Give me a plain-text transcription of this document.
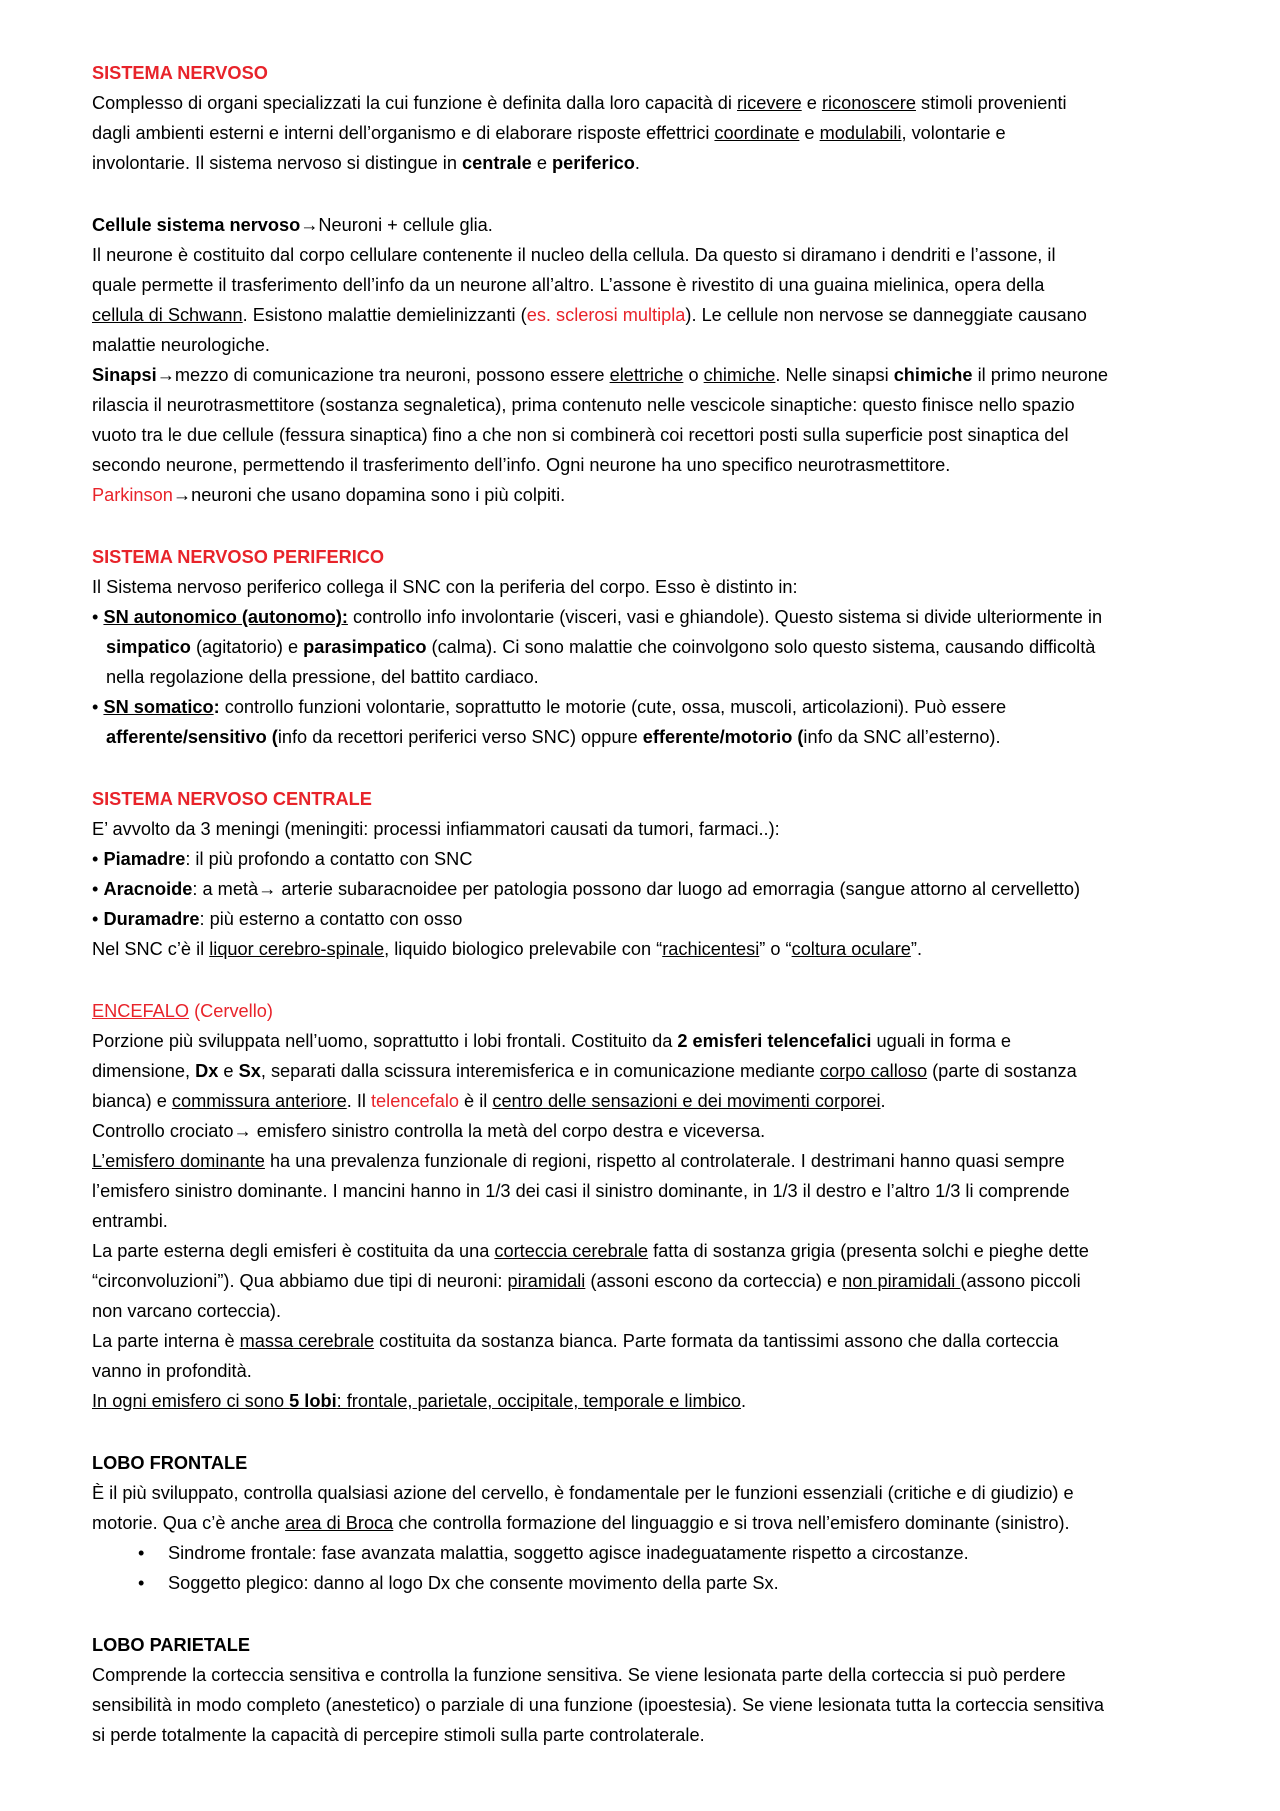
SISTEMA NERVOSO
Complesso di organi specializzati la cui funzione è definita dalla loro capacità di ricevere e riconoscere stimoli provenienti
dagli ambienti esterni e interni dell’organismo e di elaborare risposte effettrici coordinate e modulabili, volontarie e
involontarie. Il sistema nervoso si distingue in centrale e periferico.
Cellule sistema nervoso→Neuroni + cellule glia.
Il neurone è costituito dal corpo cellulare contenente il nucleo della cellula. Da questo si diramano i dendriti e l’assone, il
quale permette il trasferimento dell’info da un neurone all’altro. L’assone è rivestito di una guaina mielinica, opera della
cellula di Schwann. Esistono malattie demielinizzanti (es. sclerosi multipla). Le cellule non nervose se danneggiate causano
malattie neurologiche.
Sinapsi→mezzo di comunicazione tra neuroni, possono essere elettriche o chimiche. Nelle sinapsi chimiche il primo neurone
rilascia il neurotrasmettitore (sostanza segnaletica), prima contenuto nelle vescicole sinaptiche: questo finisce nello spazio
vuoto tra le due cellule (fessura sinaptica) fino a che non si combinerà coi recettori posti sulla superficie post sinaptica del
secondo neurone, permettendo il trasferimento dell’info. Ogni neurone ha uno specifico neurotrasmettitore.
Parkinson→neuroni che usano dopamina sono i più colpiti.
SISTEMA NERVOSO PERIFERICO
Il Sistema nervoso periferico collega il SNC con la periferia del corpo. Esso è distinto in:
• SN autonomico (autonomo): controllo info involontarie (visceri, vasi e ghiandole). Questo sistema si divide ulteriormente in
simpatico (agitatorio) e parasimpatico (calma). Ci sono malattie che coinvolgono solo questo sistema, causando difficoltà
nella regolazione della pressione, del battito cardiaco.
• SN somatico: controllo funzioni volontarie, soprattutto le motorie (cute, ossa, muscoli, articolazioni). Può essere
afferente/sensitivo (info da recettori periferici verso SNC) oppure efferente/motorio (info da SNC all’esterno).
SISTEMA NERVOSO CENTRALE
E’ avvolto da 3 meningi (meningiti: processi infiammatori causati da tumori, farmaci..):
• Piamadre: il più profondo a contatto con SNC
• Aracnoide: a metà→ arterie subaracnoidee per patologia possono dar luogo ad emorragia (sangue attorno al cervelletto)
• Duramadre: più esterno a contatto con osso
Nel SNC c’è il liquor cerebro-spinale, liquido biologico prelevabile con “rachicentesi” o “coltura oculare”.
ENCEFALO (Cervello)
Porzione più sviluppata nell’uomo, soprattutto i lobi frontali. Costituito da 2 emisferi telencefalici uguali in forma e
dimensione, Dx e Sx, separati dalla scissura interemisferica e in comunicazione mediante corpo calloso (parte di sostanza
bianca) e commissura anteriore. Il telencefalo è il centro delle sensazioni e dei movimenti corporei.
Controllo crociato→ emisfero sinistro controlla la metà del corpo destra e viceversa.
L’emisfero dominante ha una prevalenza funzionale di regioni, rispetto al controlaterale. I destrimani hanno quasi sempre
l’emisfero sinistro dominante. I mancini hanno in 1/3 dei casi il sinistro dominante, in 1/3 il destro e l’altro 1/3 li comprende
entrambi.
La parte esterna degli emisferi è costituita da una corteccia cerebrale fatta di sostanza grigia (presenta solchi e pieghe dette
“circonvoluzioni”). Qua abbiamo due tipi di neuroni: piramidali (assoni escono da corteccia) e non piramidali (assono piccoli
non varcano corteccia).
La parte interna è massa cerebrale costituita da sostanza bianca. Parte formata da tantissimi assono che dalla corteccia
vanno in profondità.
In ogni emisfero ci sono 5 lobi: frontale, parietale, occipitale, temporale e limbico.
LOBO FRONTALE
È il più sviluppato, controlla qualsiasi azione del cervello, è fondamentale per le funzioni essenziali (critiche e di giudizio) e
motorie. Qua c’è anche area di Broca che controlla formazione del linguaggio e si trova nell’emisfero dominante (sinistro).
• Sindrome frontale: fase avanzata malattia, soggetto agisce inadeguatamente rispetto a circostanze.
• Soggetto plegico: danno al logo Dx che consente movimento della parte Sx.
LOBO PARIETALE
Comprende la corteccia sensitiva e controlla la funzione sensitiva. Se viene lesionata parte della corteccia si può perdere
sensibilità in modo completo (anestetico) o parziale di una funzione (ipoestesia). Se viene lesionata tutta la corteccia sensitiva
si perde totalmente la capacità di percepire stimoli sulla parte controlaterale.
